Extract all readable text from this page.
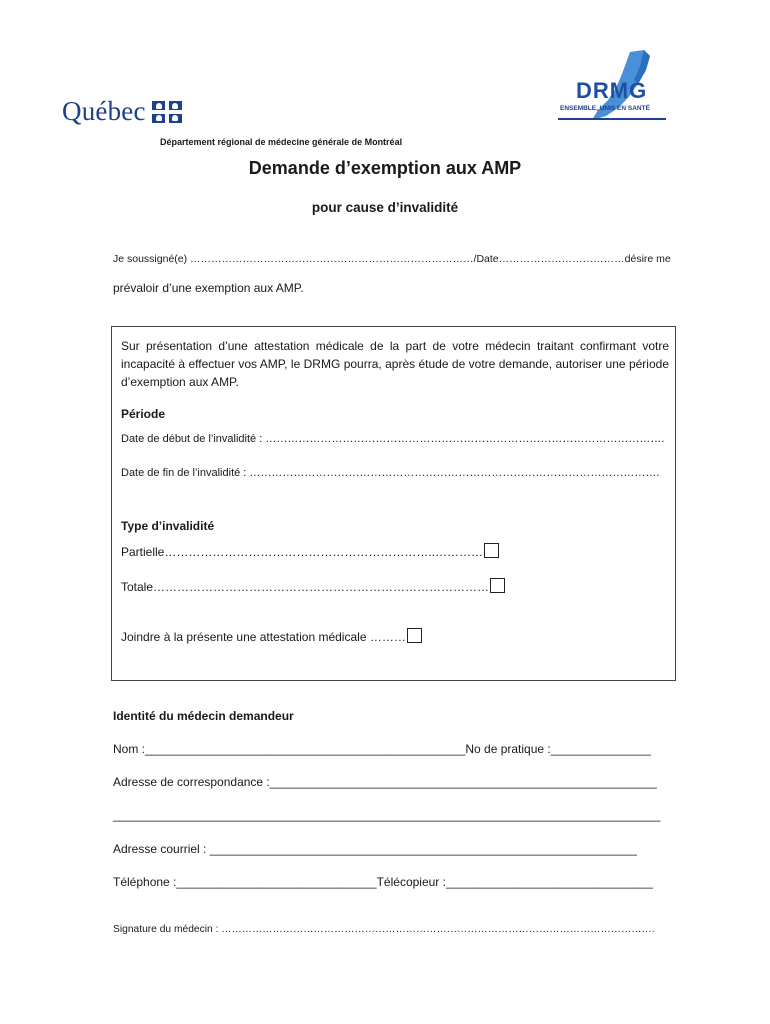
Québec
Département régional de médecine générale de Montréal
DRMG
ENSEMBLE, UNIS EN SANTÉ
Demande d’exemption aux AMP
pour cause d’invalidité
Je soussigné(e) ………………………………………………………………………/Date………………………………désire me
prévaloir d’une exemption aux AMP.
Sur présentation d’une attestation médicale de la part de votre médecin traitant confirmant votre incapacité à effectuer vos AMP, le DRMG pourra, après étude de votre demande, autoriser une période d’exemption aux AMP.
Période
Date de début de l’invalidité : ……………………………………………………………………………………………….
Date de fin de l’invalidité : ………………………………………………………………………………………………….
Type d’invalidité
Partielle…………………………………………………………..…………
Totale…………………………………………………………………………
Joindre à la présente une attestation médicale ………
Identité du médecin demandeur
Nom :________________________________________________No de pratique :_______________
Adresse de correspondance :__________________________________________________________
__________________________________________________________________________________
Adresse courriel : ________________________________________________________________
Téléphone :______________________________Télécopieur :_______________________________
Signature du médecin : ……………………………………………………………………………………………………………….
